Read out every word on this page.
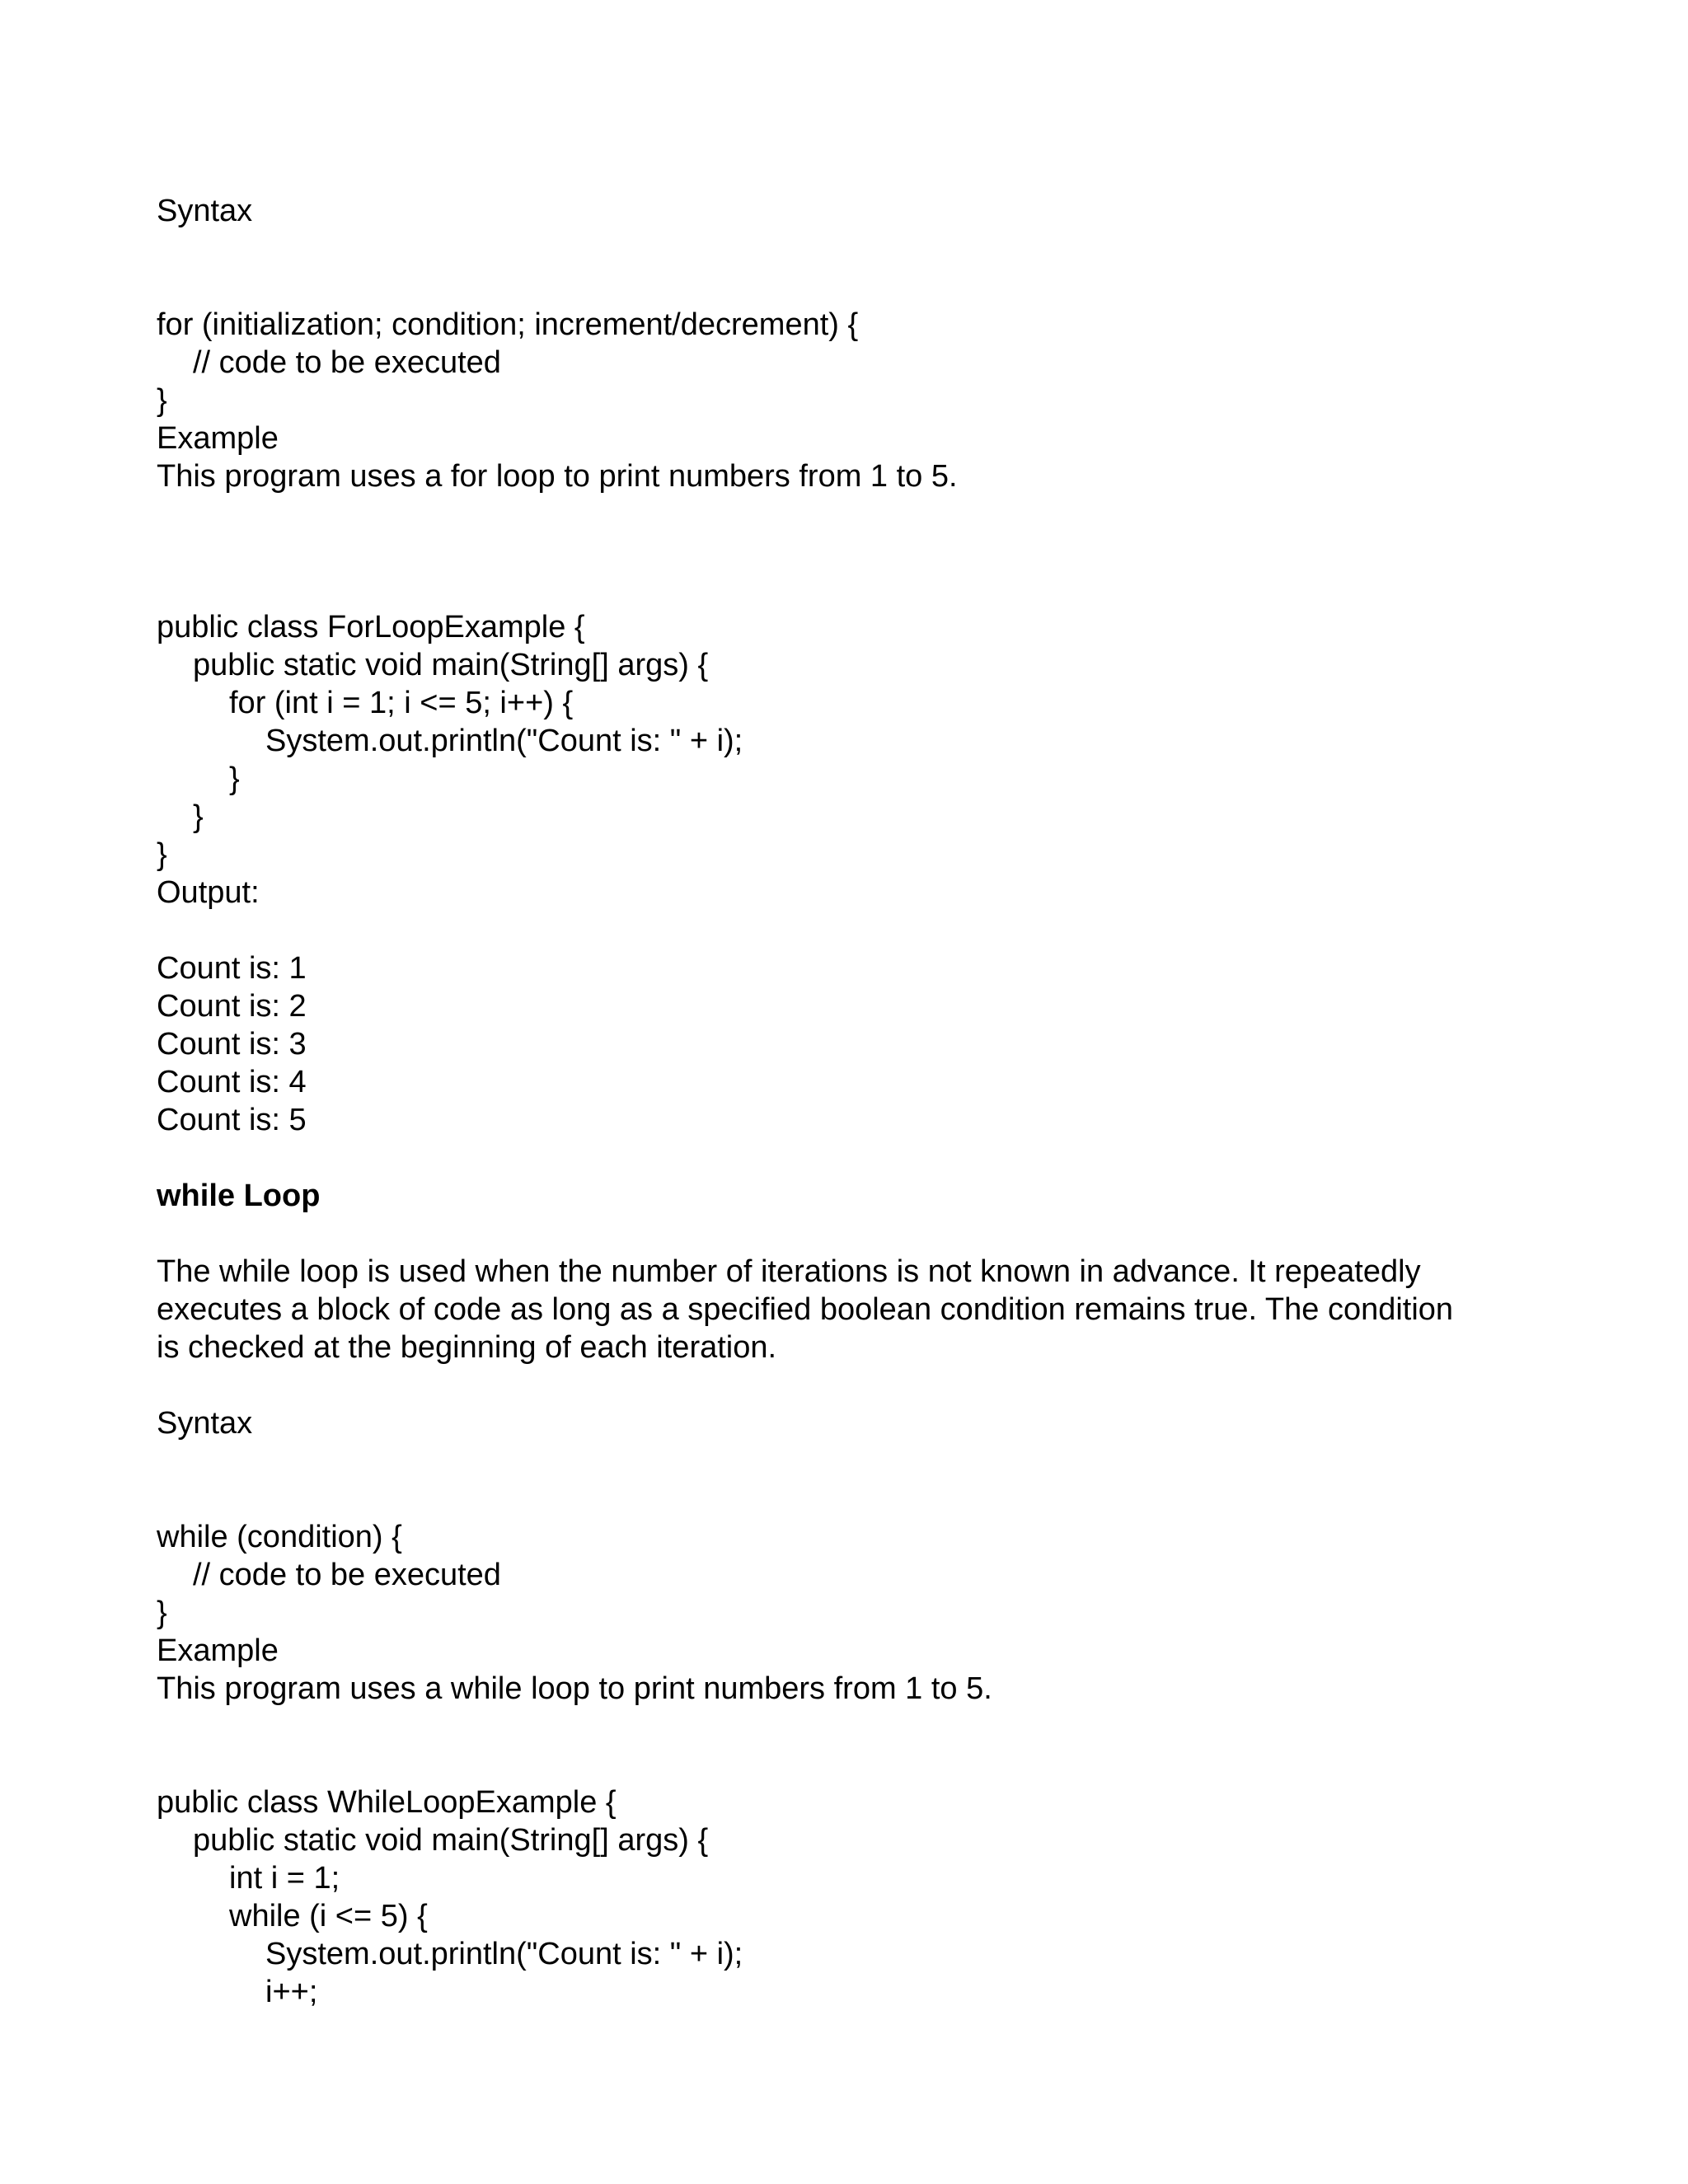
Syntax
for (initialization; condition; increment/decrement) {
// code to be executed
}
Example
This program uses a for loop to print numbers from 1 to 5.
public class ForLoopExample {
public static void main(String[] args) {
for (int i = 1; i <= 5; i++) {
System.out.println("Count is: " + i);
}
}
}
Output:
Count is: 1
Count is: 2
Count is: 3
Count is: 4
Count is: 5
while Loop
The while loop is used when the number of iterations is not known in advance. It repeatedly
executes a block of code as long as a specified boolean condition remains true. The condition
is checked at the beginning of each iteration.
Syntax
while (condition) {
// code to be executed
}
Example
This program uses a while loop to print numbers from 1 to 5.
public class WhileLoopExample {
public static void main(String[] args) {
int i = 1;
while (i <= 5) {
System.out.println("Count is: " + i);
i++;
